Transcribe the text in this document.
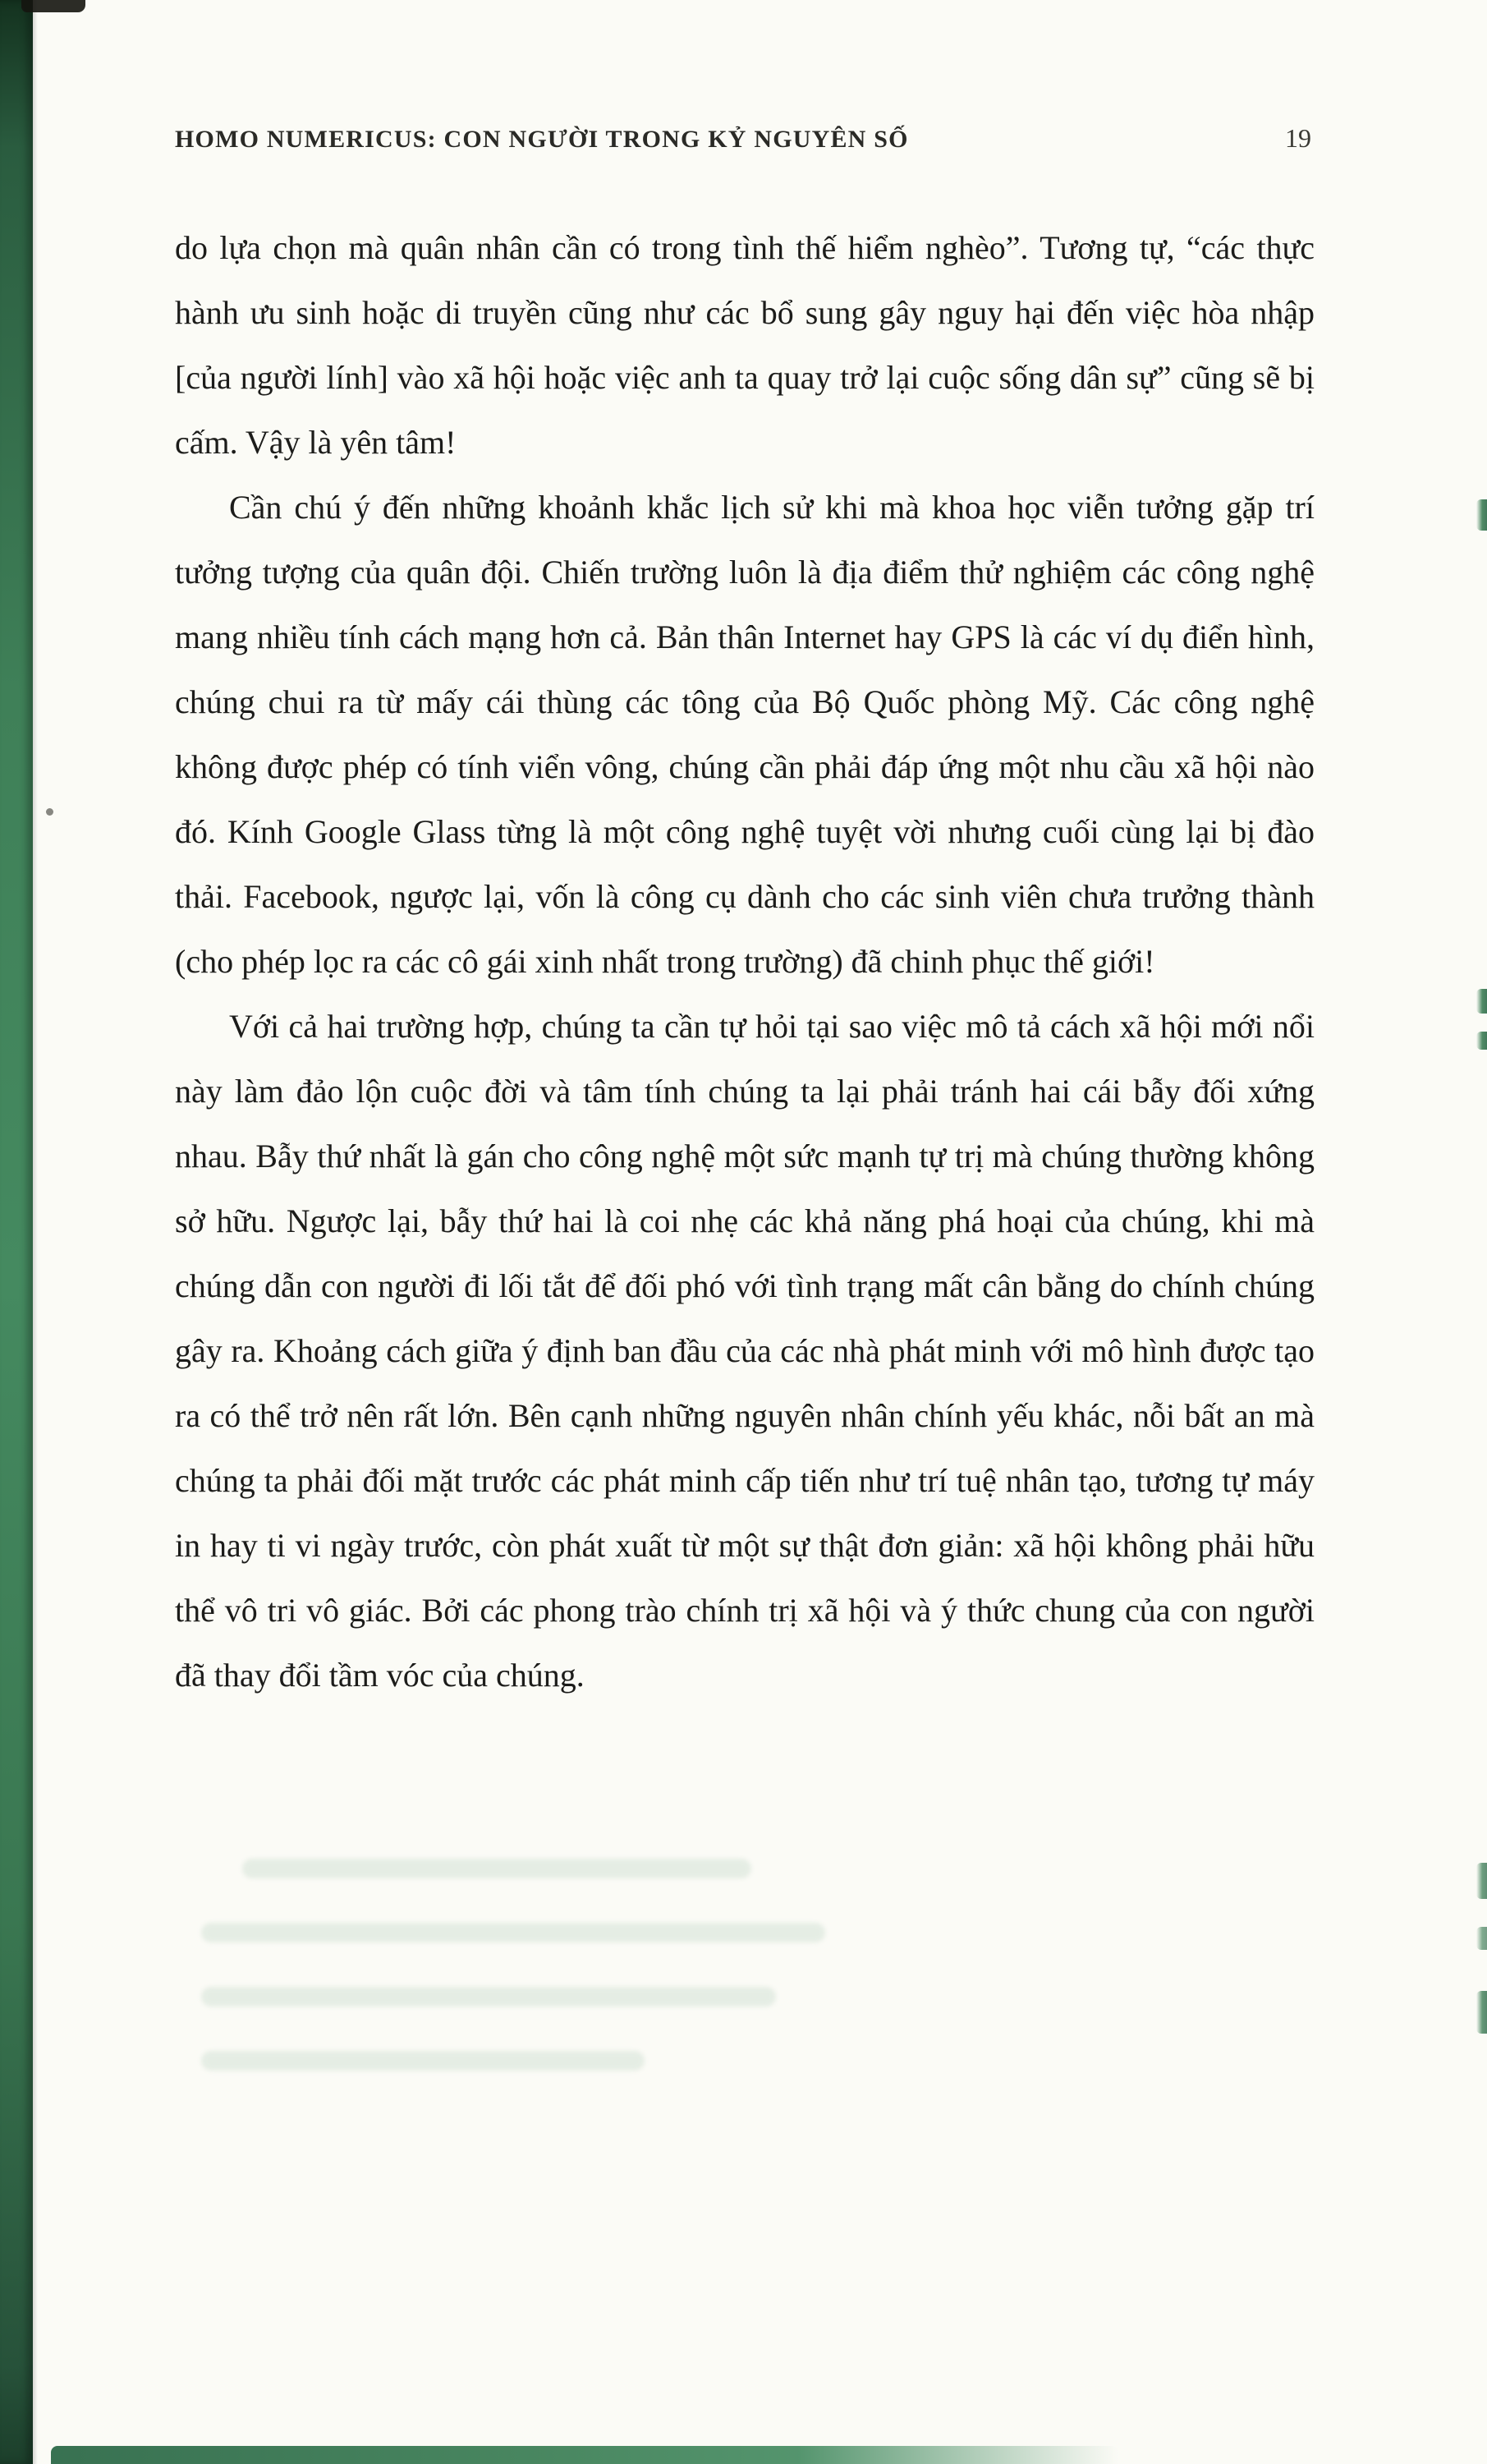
HOMO NUMERICUS: CON NGƯỜI TRONG KỶ NGUYÊN SỐ	19

do lựa chọn mà quân nhân cần có trong tình thế hiểm nghèo”. Tương tự, “các thực hành ưu sinh hoặc di truyền cũng như các bổ sung gây nguy hại đến việc hòa nhập [của người lính] vào xã hội hoặc việc anh ta quay trở lại cuộc sống dân sự” cũng sẽ bị cấm. Vậy là yên tâm!

Cần chú ý đến những khoảnh khắc lịch sử khi mà khoa học viễn tưởng gặp trí tưởng tượng của quân đội. Chiến trường luôn là địa điểm thử nghiệm các công nghệ mang nhiều tính cách mạng hơn cả. Bản thân Internet hay GPS là các ví dụ điển hình, chúng chui ra từ mấy cái thùng các tông của Bộ Quốc phòng Mỹ. Các công nghệ không được phép có tính viển vông, chúng cần phải đáp ứng một nhu cầu xã hội nào đó. Kính Google Glass từng là một công nghệ tuyệt vời nhưng cuối cùng lại bị đào thải. Facebook, ngược lại, vốn là công cụ dành cho các sinh viên chưa trưởng thành (cho phép lọc ra các cô gái xinh nhất trong trường) đã chinh phục thế giới!

Với cả hai trường hợp, chúng ta cần tự hỏi tại sao việc mô tả cách xã hội mới nổi này làm đảo lộn cuộc đời và tâm tính chúng ta lại phải tránh hai cái bẫy đối xứng nhau. Bẫy thứ nhất là gán cho công nghệ một sức mạnh tự trị mà chúng thường không sở hữu. Ngược lại, bẫy thứ hai là coi nhẹ các khả năng phá hoại của chúng, khi mà chúng dẫn con người đi lối tắt để đối phó với tình trạng mất cân bằng do chính chúng gây ra. Khoảng cách giữa ý định ban đầu của các nhà phát minh với mô hình được tạo ra có thể trở nên rất lớn. Bên cạnh những nguyên nhân chính yếu khác, nỗi bất an mà chúng ta phải đối mặt trước các phát minh cấp tiến như trí tuệ nhân tạo, tương tự máy in hay ti vi ngày trước, còn phát xuất từ một sự thật đơn giản: xã hội không phải hữu thể vô tri vô giác. Bởi các phong trào chính trị xã hội và ý thức chung của con người đã thay đổi tầm vóc của chúng.
